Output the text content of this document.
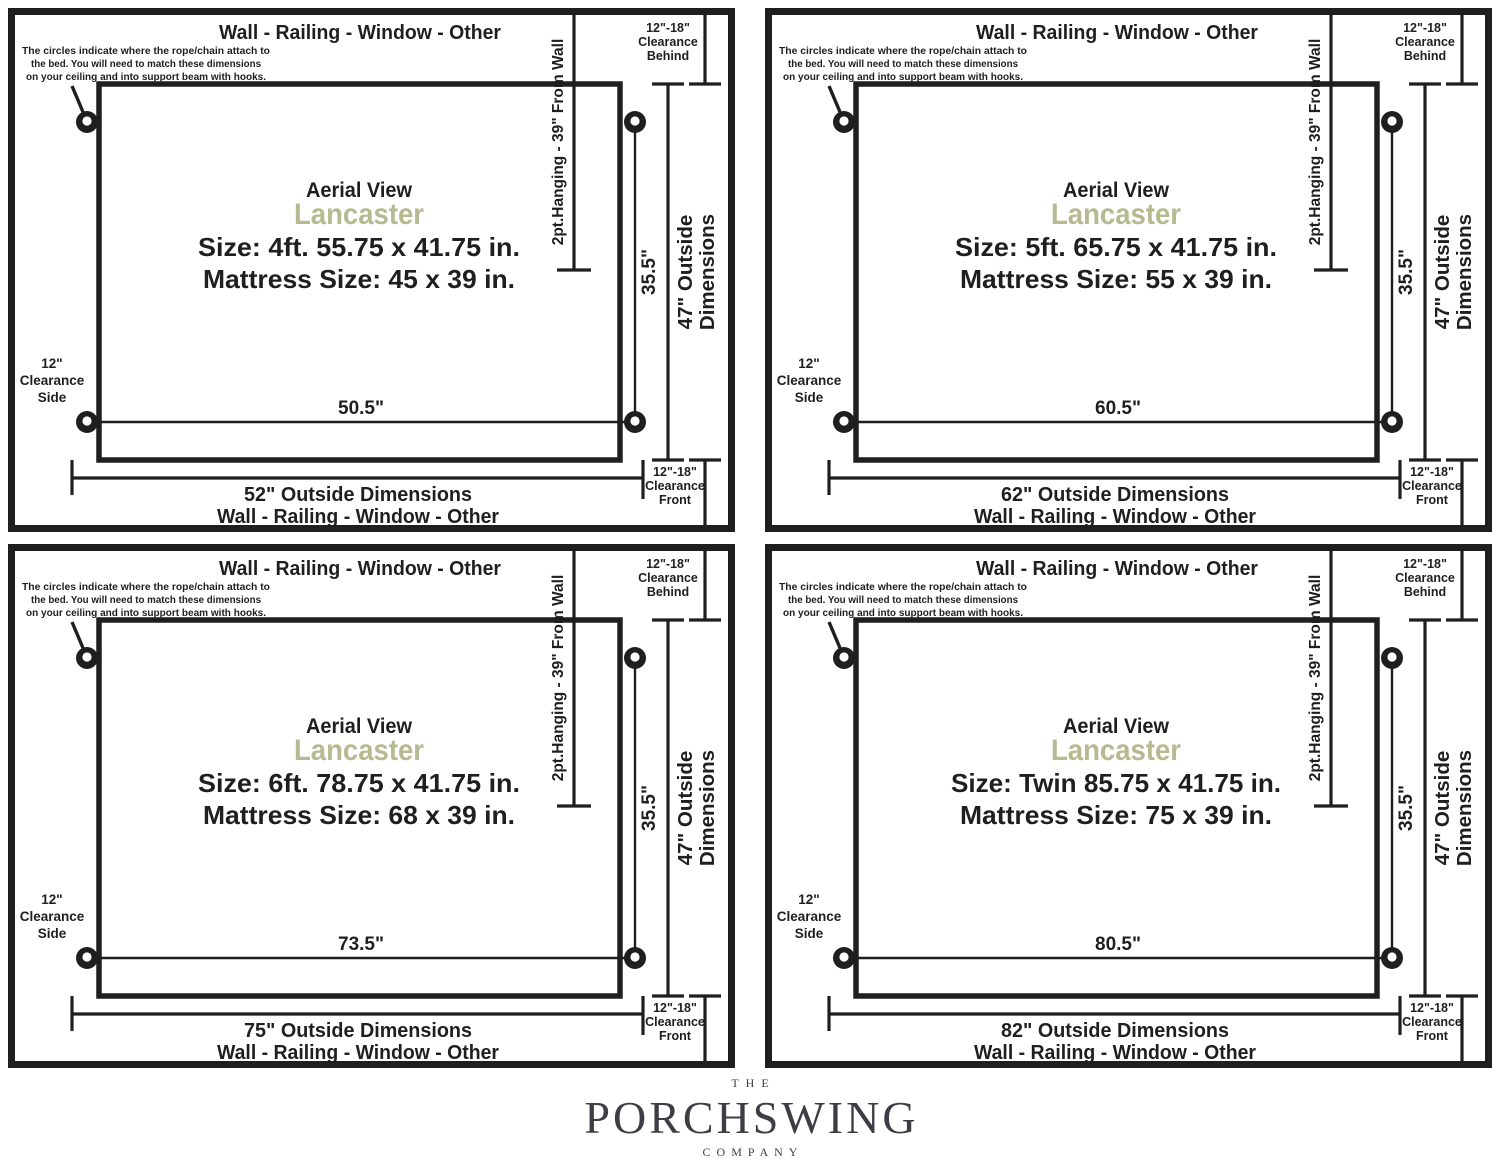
Wall - Railing - Window - Other
The circles indicate where the rope/chain attach to
the bed. You will need to match these dimensions
on your ceiling and into support beam with hooks.
12"-18"
Clearance
Behind
2pt.Hanging - 39" From Wall
Aerial View
Lancaster
Size: 4ft. 55.75 x 41.75 in.
Mattress Size: 45 x 39 in.	35.5" 47" Outside Dimensions
12"
Clearance
Side
50.5"
52" Outside Dimensions
Wall - Railing - Window - Other
12"-18"
Clearance
Front
Wall - Railing - Window - Other
The circles indicate where the rope/chain attach to
the bed. You will need to match these dimensions
on your ceiling and into support beam with hooks.
12"-18"
Clearance
Behind
2pt.Hanging - 39" From Wall
Aerial View
Lancaster
Size: 5ft. 65.75 x 41.75 in.
Mattress Size: 55 x 39 in.	35.5" 47" Outside Dimensions
12"
Clearance
Side
60.5"
62" Outside Dimensions
Wall - Railing - Window - Other
12"-18"
Clearance
Front
Wall - Railing - Window - Other
The circles indicate where the rope/chain attach to
the bed. You will need to match these dimensions
on your ceiling and into support beam with hooks.
12"-18"
Clearance
Behind
2pt.Hanging - 39" From Wall
Aerial View
Lancaster
Size: 6ft. 78.75 x 41.75 in.
Mattress Size: 68 x 39 in.	35.5" 47" Outside Dimensions
12"
Clearance
Side
73.5"
75" Outside Dimensions
Wall - Railing - Window - Other
12"-18"
Clearance
Front
Wall - Railing - Window - Other
The circles indicate where the rope/chain attach to
the bed. You will need to match these dimensions
on your ceiling and into support beam with hooks.
12"-18"
Clearance
Behind
2pt.Hanging - 39" From Wall
Aerial View
Lancaster
Size: Twin 85.75 x 41.75 in.
Mattress Size: 75 x 39 in.	35.5" 47" Outside Dimensions
12"
Clearance
Side
80.5"
82" Outside Dimensions
Wall - Railing - Window - Other
12"-18"
Clearance
Front
THE
PORCHSWING
COMPANY
